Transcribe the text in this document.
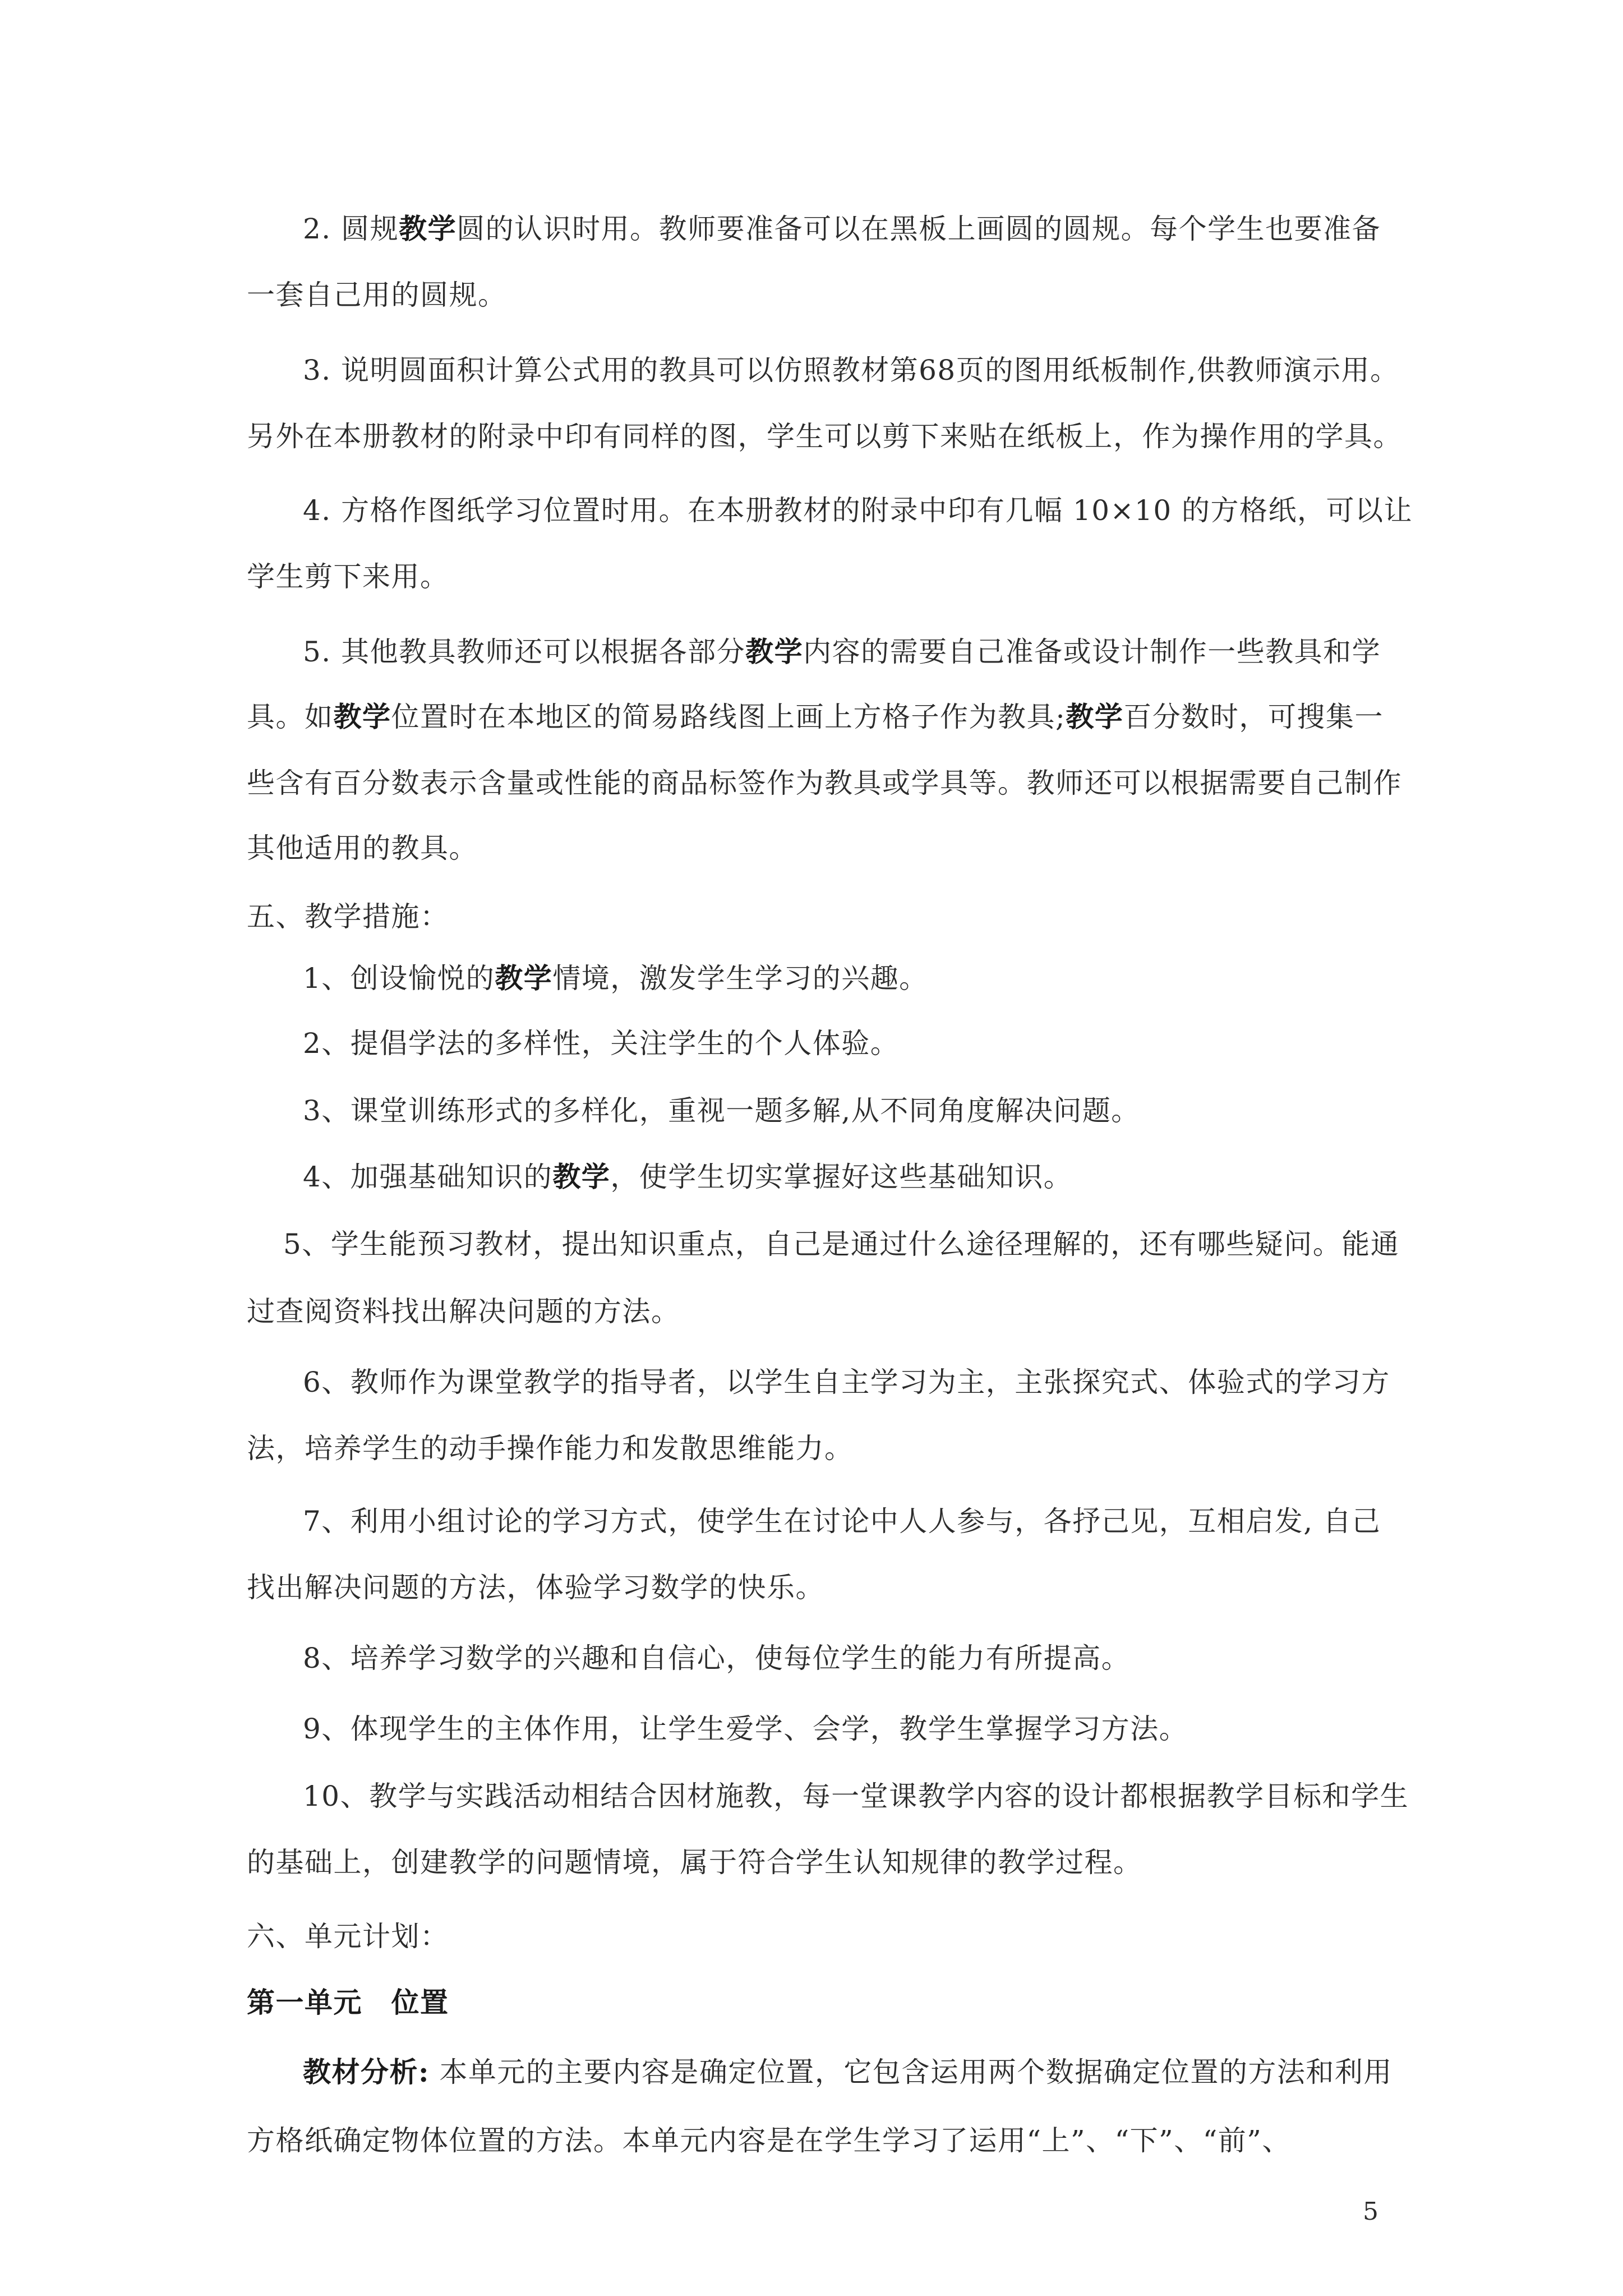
2. 圆规教学圆的认识时用。教师要准备可以在黑板上画圆的圆规。每个学生也要准备
一套自己用的圆规。
3. 说明圆面积计算公式用的教具可以仿照教材第68页的图用纸板制作,供教师演示用。
另外在本册教材的附录中印有同样的图，学生可以剪下来贴在纸板上，作为操作用的学具。
4. 方格作图纸学习位置时用。在本册教材的附录中印有几幅 10×10 的方格纸，可以让
学生剪下来用。
5. 其他教具教师还可以根据各部分教学内容的需要自己准备或设计制作一些教具和学
具。如教学位置时在本地区的简易路线图上画上方格子作为教具;教学百分数时，可搜集一
些含有百分数表示含量或性能的商品标签作为教具或学具等。教师还可以根据需要自己制作
其他适用的教具。
五、教学措施：
1、创设愉悦的教学情境，激发学生学习的兴趣。
2、提倡学法的多样性，关注学生的个人体验。
3、课堂训练形式的多样化，重视一题多解,从不同角度解决问题。
4、加强基础知识的教学，使学生切实掌握好这些基础知识。
5、学生能预习教材，提出知识重点，自己是通过什么途径理解的，还有哪些疑问。能通
过查阅资料找出解决问题的方法。
6、教师作为课堂教学的指导者，以学生自主学习为主，主张探究式、体验式的学习方
法，培养学生的动手操作能力和发散思维能力。
7、利用小组讨论的学习方式，使学生在讨论中人人参与，各抒己见，互相启发, 自己
找出解决问题的方法，体验学习数学的快乐。
8、培养学习数学的兴趣和自信心，使每位学生的能力有所提高。
9、体现学生的主体作用，让学生爱学、会学，教学生掌握学习方法。
10、教学与实践活动相结合因材施教，每一堂课教学内容的设计都根据教学目标和学生
的基础上，创建教学的问题情境，属于符合学生认知规律的教学过程。
六、单元计划：
第一单元　位置
教材分析: 本单元的主要内容是确定位置，它包含运用两个数据确定位置的方法和利用
方格纸确定物体位置的方法。本单元内容是在学生学习了运用“上”、“下”、“前”、
5
